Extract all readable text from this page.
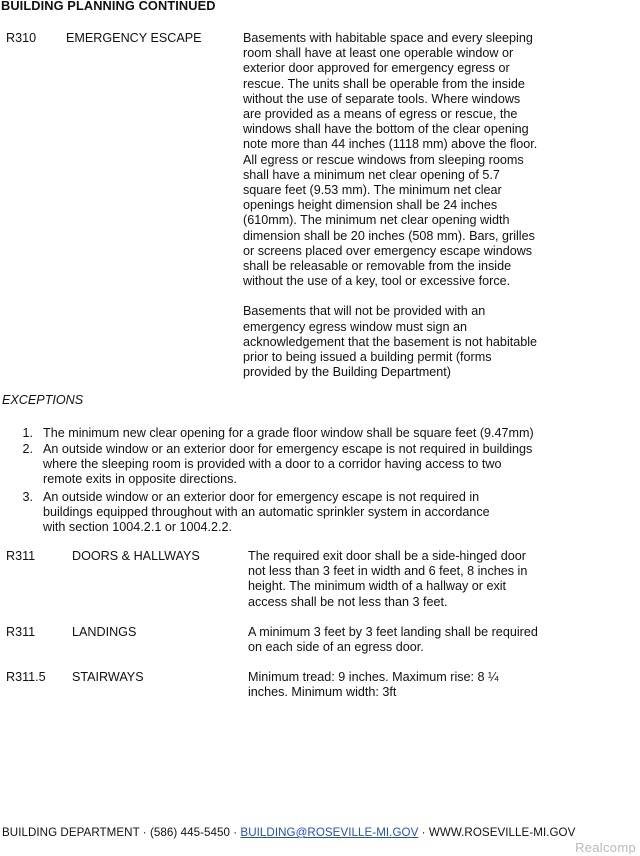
BUILDING PLANNING CONTINUED
R310 EMERGENCY ESCAPE	Basements with habitable space and every sleeping
room shall have at least one operable window or
exterior door approved for emergency egress or
rescue. The units shall be operable from the inside
without the use of separate tools. Where windows
are provided as a means of egress or rescue, the
windows shall have the bottom of the clear opening
note more than 44 inches (1118 mm) above the floor.
All egress or rescue windows from sleeping rooms
shall have a minimum net clear opening of 5.7
square feet (9.53 mm). The minimum net clear
openings height dimension shall be 24 inches
(610mm). The minimum net clear opening width
dimension shall be 20 inches (508 mm). Bars, grilles
or screens placed over emergency escape windows
shall be releasable or removable from the inside
without the use of a key, tool or excessive force.

Basements that will not be provided with an
emergency egress window must sign an
acknowledgement that the basement is not habitable
prior to being issued a building permit (forms
provided by the Building Department)

EXCEPTIONS
1. The minimum new clear opening for a grade floor window shall be square feet (9.47mm)
2. An outside window or an exterior door for emergency escape is not required in buildings
where the sleeping room is provided with a door to a corridor having access to two
remote exits in opposite directions.
3. An outside window or an exterior door for emergency escape is not required in
buildings equipped throughout with an automatic sprinkler system in accordance
with section 1004.2.1 or 1004.2.2.
R311	DOORS & HALLWAYS	The required exit door shall be a side-hinged door
not less than 3 feet in width and 6 feet, 8 inches in
height. The minimum width of a hallway or exit
access shall be not less than 3 feet.
R311	LANDINGS	A minimum 3 feet by 3 feet landing shall be required
on each side of an egress door.
R311.5 STAIRWAYS	Minimum tread: 9 inches. Maximum rise: 8 ¼
inches. Minimum width: 3ft
BUILDING DEPARTMENT · (586) 445-5450 · BUILDING@ROSEVILLE-MI.GOV · WWW.ROSEVILLE-MI.GOV
Realcomp
